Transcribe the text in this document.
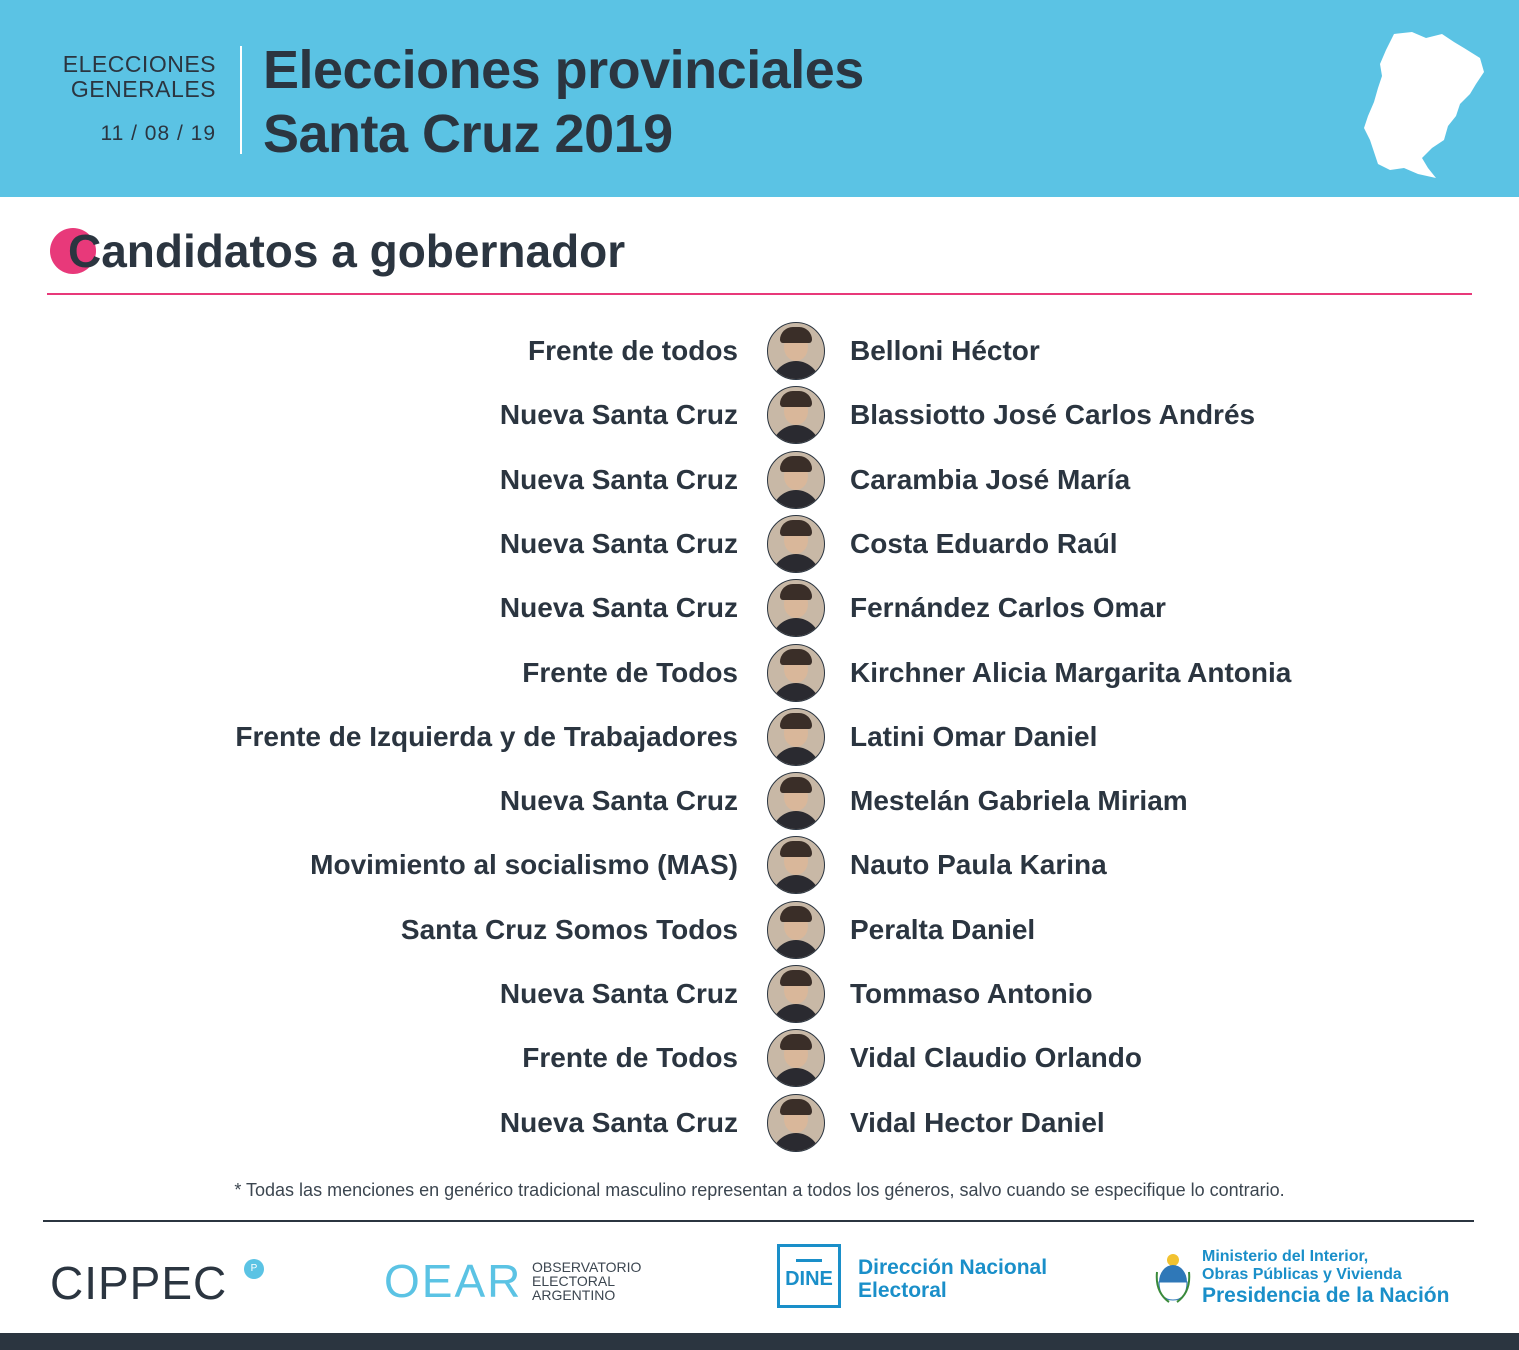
ELECCIONES
GENERALES
11 / 08 / 19
Elecciones provinciales
Santa Cruz 2019
Candidatos a gobernador
Frente de todos	Belloni Héctor
Nueva Santa Cruz	Blassiotto José Carlos Andrés
Nueva Santa Cruz	Carambia José María
Nueva Santa Cruz	Costa Eduardo Raúl
Nueva Santa Cruz	Fernández Carlos Omar
Frente de Todos	Kirchner Alicia Margarita Antonia
Frente de Izquierda y de Trabajadores	Latini Omar Daniel
Nueva Santa Cruz	Mestelán Gabriela Miriam
Movimiento al socialismo (MAS)	Nauto Paula Karina
Santa Cruz Somos Todos	Peralta Daniel
Nueva Santa Cruz	Tommaso Antonio
Frente de Todos	Vidal Claudio Orlando
Nueva Santa Cruz	Vidal Hector Daniel
* Todas las menciones en genérico tradicional masculino representan a todos los géneros, salvo cuando se especifique lo contrario.
CIPPEC	P	OEAR OBSERVATORIO
ELECTORAL
ARGENTINO
DINE	Dirección Nacional
Electoral
Ministerio del Interior,
Obras Públicas y Vivienda
Presidencia de la Nación
